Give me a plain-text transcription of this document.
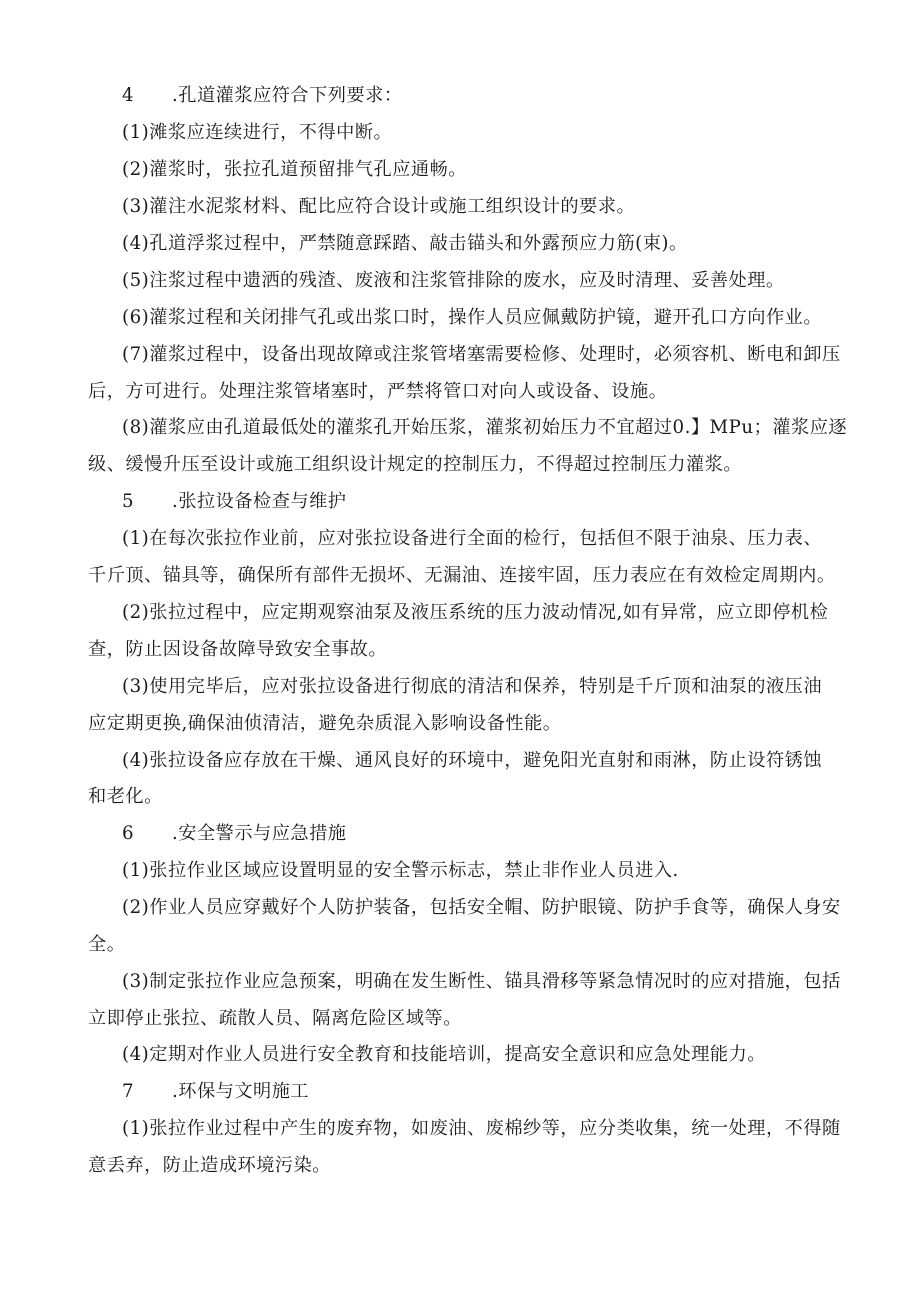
4 .孔道灌浆应符合下列要求：
(1)滩浆应连续进行，不得中断。
(2)灌浆时，张拉孔道预留排气孔应通畅。
(3)灌注水泥浆材料、配比应符合设计或施工组织设计的要求。
(4)孔道浮浆过程中，严禁随意踩踏、敲击锚头和外露预应力筋(束)。
(5)注浆过程中遗洒的残渣、废液和注浆管排除的废水，应及时清理、妥善处理。
(6)灌浆过程和关闭排气孔或出浆口时，操作人员应佩戴防护镜，避开孔口方向作业。
(7)灌浆过程中，设备出现故障或注浆管堵塞需要检修、处理时，必须容机、断电和卸压
后，方可进行。处理注浆管堵塞时，严禁将管口对向人或设备、设施。
(8)灌浆应由孔道最低处的灌浆孔开始压浆，灌浆初始压力不宜超过0.】MPu；灌浆应逐
级、缓慢升压至设计或施工组织设计规定的控制压力，不得超过控制压力灌浆。
5 .张拉设备检查与维护
(1)在每次张拉作业前，应对张拉设备进行全面的检行，包括但不限于油泉、压力表、
千斤顶、锚具等，确保所有部件无损坏、无漏油、连接牢固，压力表应在有效检定周期内。
(2)张拉过程中，应定期观察油泵及液压系统的压力波动情况,如有异常，应立即停机检
查，防止因设备故障导致安全事故。
(3)使用完毕后，应对张拉设备进行彻底的清洁和保养，特别是千斤顶和油泵的液压油
应定期更换,确保油侦清洁，避免杂质混入影响设备性能。
(4)张拉设备应存放在干燥、通风良好的环境中，避免阳光直射和雨淋，防止设符锈蚀
和老化。
6 .安全警示与应急措施
(1)张拉作业区域应设置明显的安全警示标志，禁止非作业人员进入.
(2)作业人员应穿戴好个人防护装备，包括安全帽、防护眼镜、防护手食等，确保人身安
全。
(3)制定张拉作业应急预案，明确在发生断性、锚具滑移等紧急情况时的应对措施，包括
立即停止张拉、疏散人员、隔离危险区域等。
(4)定期对作业人员进行安全教育和技能培训，提高安全意识和应急处理能力。
7 .环保与文明施工
(1)张拉作业过程中产生的废弃物，如废油、废棉纱等，应分类收集，统一处理，不得随
意丢弃，防止造成环境污染。
